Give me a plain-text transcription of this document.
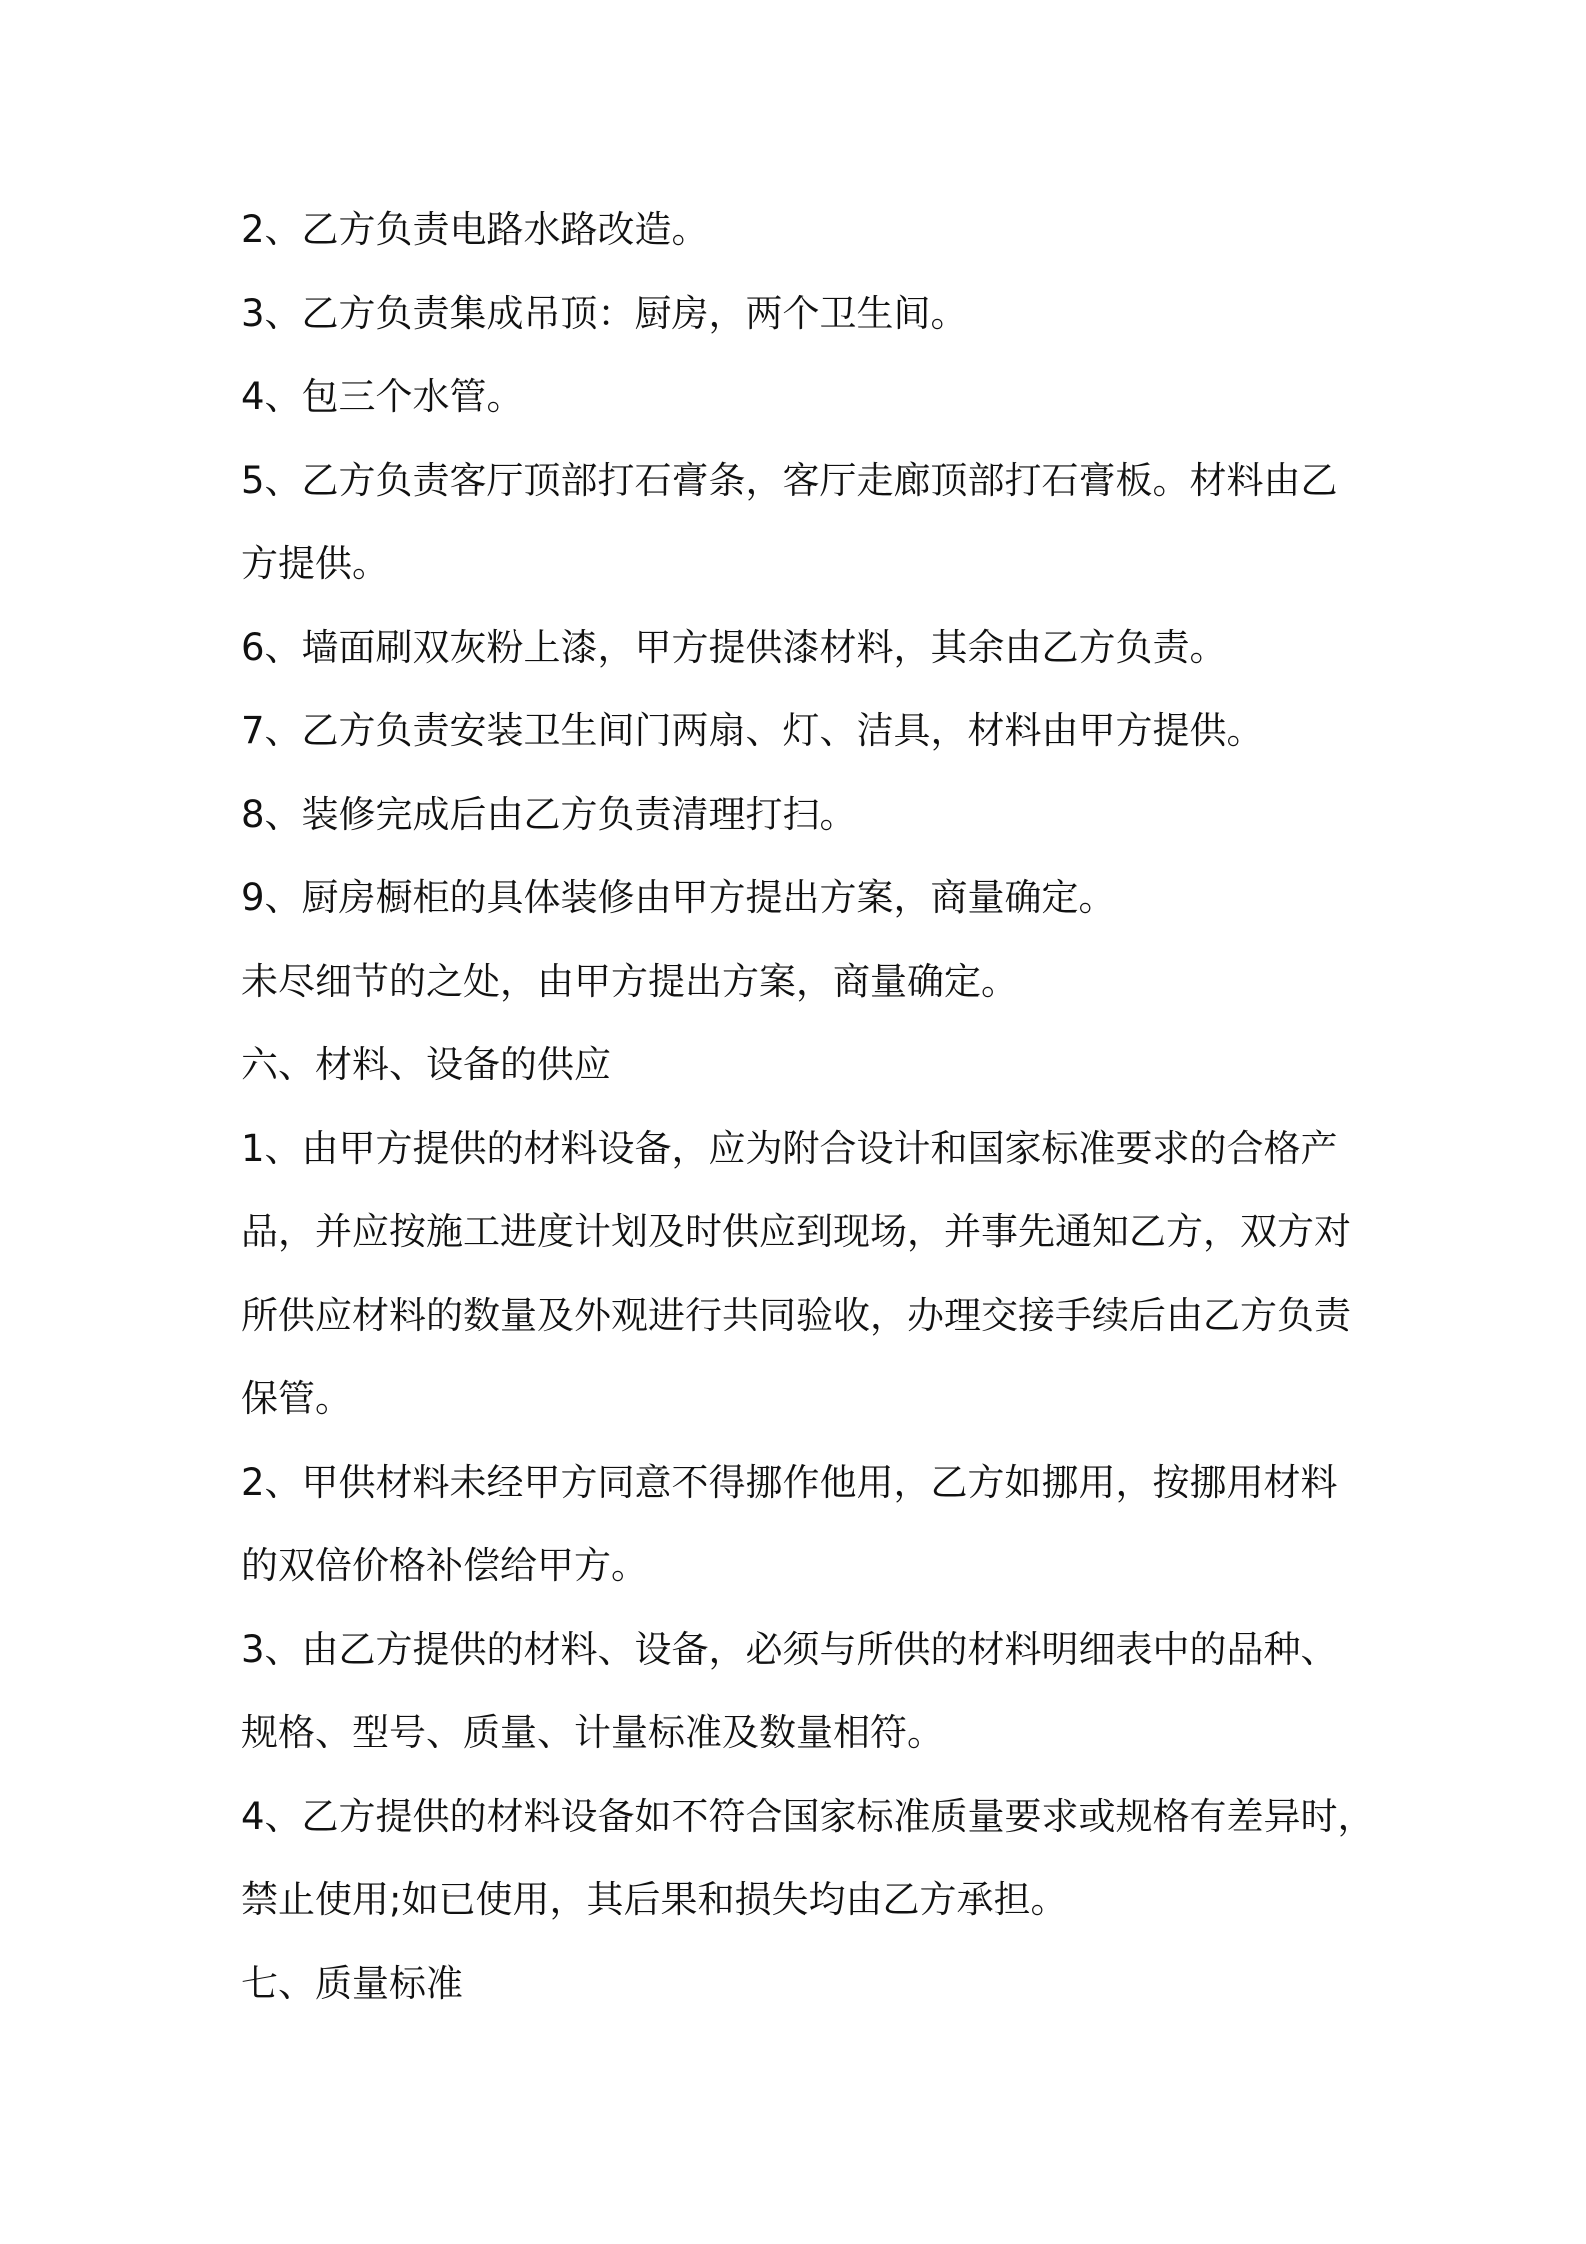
2、乙方负责电路水路改造。

3、乙方负责集成吊顶：厨房，两个卫生间。

4、包三个水管。

5、乙方负责客厅顶部打石膏条，客厅走廊顶部打石膏板。材料由乙

方提供。

6、墙面刷双灰粉上漆，甲方提供漆材料，其余由乙方负责。

7、乙方负责安装卫生间门两扇、灯、洁具，材料由甲方提供。

8、装修完成后由乙方负责清理打扫。

9、厨房橱柜的具体装修由甲方提出方案，商量确定。

未尽细节的之处，由甲方提出方案，商量确定。

六、材料、设备的供应

1、由甲方提供的材料设备，应为附合设计和国家标准要求的合格产

品，并应按施工进度计划及时供应到现场，并事先通知乙方，双方对

所供应材料的数量及外观进行共同验收，办理交接手续后由乙方负责

保管。

2、甲供材料未经甲方同意不得挪作他用，乙方如挪用，按挪用材料

的双倍价格补偿给甲方。

3、由乙方提供的材料、设备，必须与所供的材料明细表中的品种、

规格、型号、质量、计量标准及数量相符。

4、乙方提供的材料设备如不符合国家标准质量要求或规格有差异时，

禁止使用;如已使用，其后果和损失均由乙方承担。

七、质量标准
